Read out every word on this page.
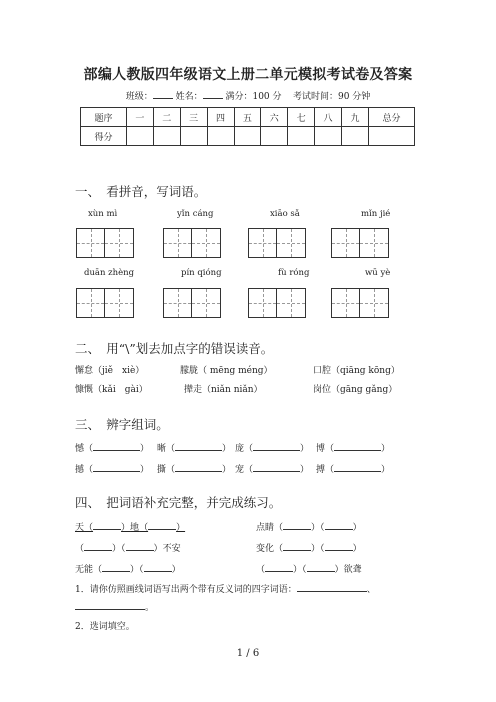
部编人教版四年级语文上册二单元模拟考试卷及答案
班级：	姓名：	满分：100 分 考试时间：90 分钟
题序	一	二	三	四	五	六	七	八	九	总分
得分										
一、　看拼音，写词语。
xùn mì	yǐn cáng	xiāo sǎ	mǐn jié
duān zhèng	pín qióng	fù róng	wū yè
二、　用“\”划去加点字的错误读音。
懈怠（jiě　xiè）	朦胧（ mēng méng）	口腔（qiāng kōng）
慷慨（kǎi　gài）	撵走（niǎn niǎn）	岗位（gāng gǎng）
三、　辨字组词。
憾（	） 晰（	） 庞（	） 博（	）
撼（	） 撕（	） 宠（	） 搏（	）
四、　把词语补充完整，并完成练习。
天（	）地（	）	点睛（	）（	）
（	）（	）不安	变化（	）（	）
无能（	）（	）	（	）（	）欲聋
1．请你仿照画线词语写出两个带有反义词的四字词语：	、
。
2．选词填空。
1 / 6
